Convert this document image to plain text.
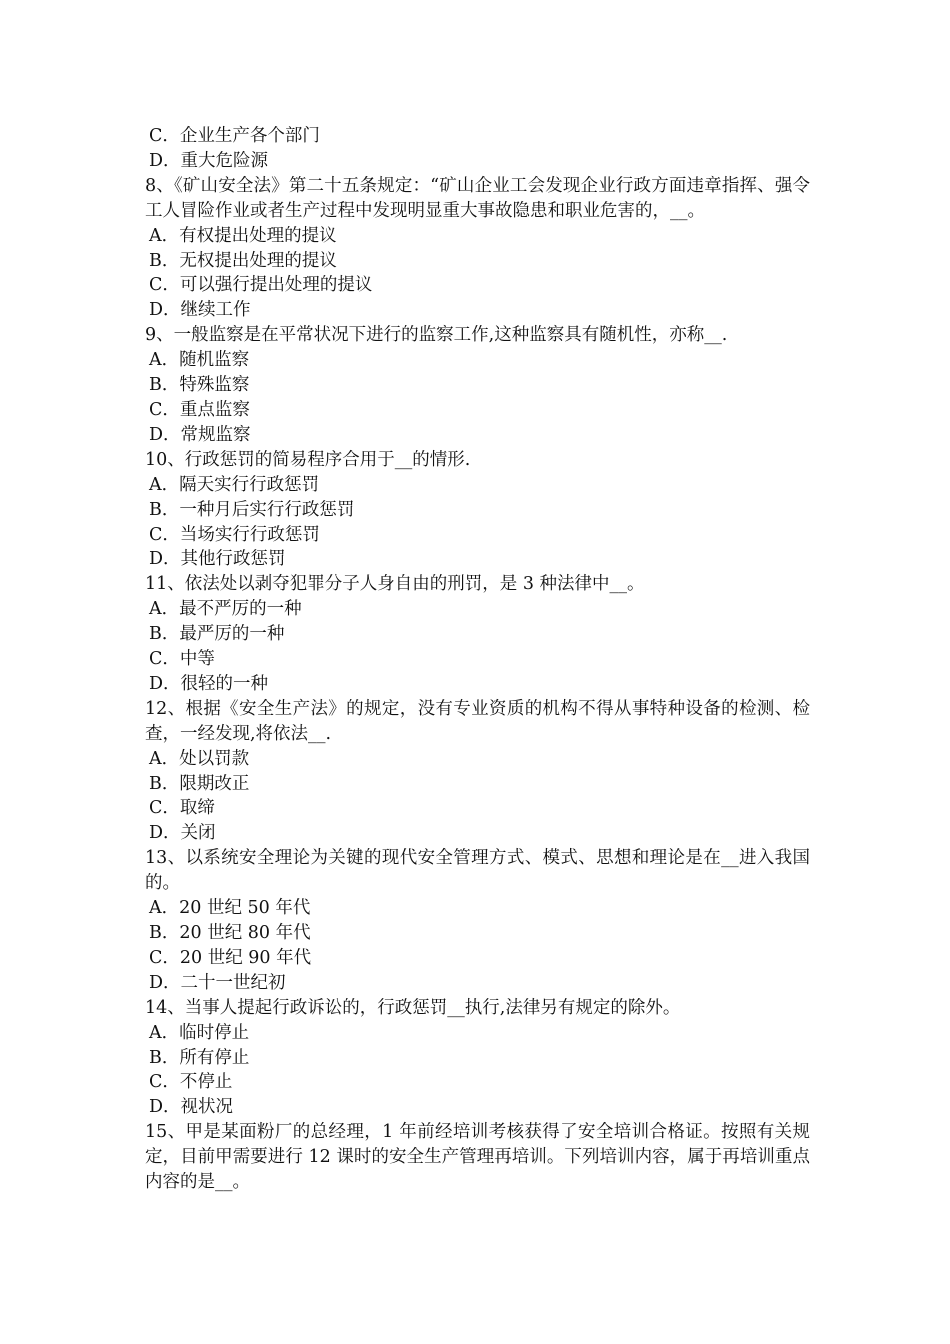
C．企业生产各个部门
D．重大危险源
8、《矿山安全法》第二十五条规定：“矿山企业工会发现企业行政方面违章指挥、强令工人冒险作业或者生产过程中发现明显重大事故隐患和职业危害的，__。
A．有权提出处理的提议
B．无权提出处理的提议
C．可以强行提出处理的提议
D．继续工作
9、一般监察是在平常状况下进行的监察工作,这种监察具有随机性，亦称__.
A．随机监察
B．特殊监察
C．重点监察
D．常规监察
10、行政惩罚的简易程序合用于__的情形.
A．隔天实行行政惩罚
B．一种月后实行行政惩罚
C．当场实行行政惩罚
D．其他行政惩罚
11、依法处以剥夺犯罪分子人身自由的刑罚，是 3 种法律中__。
A．最不严厉的一种
B．最严厉的一种
C．中等
D．很轻的一种
12、根据《安全生产法》的规定，没有专业资质的机构不得从事特种设备的检测、检查，一经发现,将依法__.
A．处以罚款
B．限期改正
C．取缔
D．关闭
13、以系统安全理论为关键的现代安全管理方式、模式、思想和理论是在__进入我国的。
A．20 世纪 50 年代
B．20 世纪 80 年代
C．20 世纪 90 年代
D．二十一世纪初
14、当事人提起行政诉讼的，行政惩罚__执行,法律另有规定的除外。
A．临时停止
B．所有停止
C．不停止
D．视状况
15、甲是某面粉厂的总经理，1 年前经培训考核获得了安全培训合格证。按照有关规定，目前甲需要进行 12 课时的安全生产管理再培训。下列培训内容，属于再培训重点内容的是__。
